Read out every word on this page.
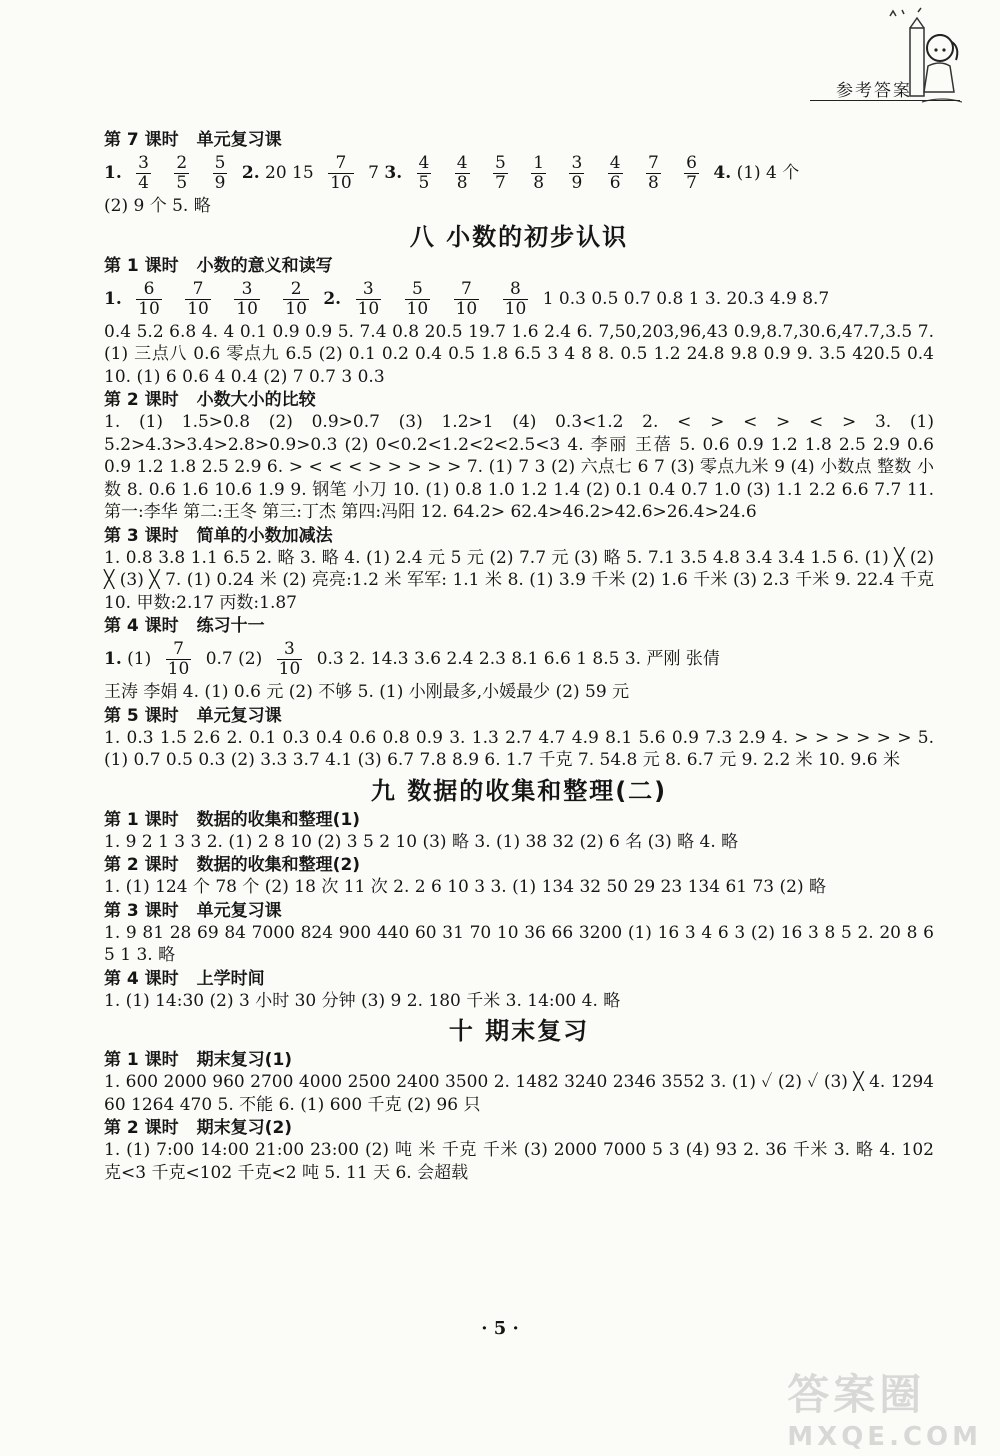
参考答案
第 7 课时 单元复习课
1. $\frac{3}{4}$
$\frac{2}{5}$
$\frac{5}{9} 2$. 20 $15 \frac{7}{10} 7$ 3. $\frac{4}{5}$
$\frac{4}{8}$
$\frac{5}{7}$
$\frac{1}{8}$
$\frac{3}{9}$
$\frac{4}{6}$
$\frac{7}{8}$
$\frac{6}{7} 4$. (1) 4 个

(2) 9 个 5. 略

八 小数的初步认识
第 1 课时 小数的意义和读写
1. $\frac{6}{10}$
$\frac{7}{10}$
$\frac{3}{10}$
$\frac{2}{10} 2$. $\frac{3}{10}$
$\frac{5}{10}$
$\frac{7}{10}$
$\frac{8}{10} 1$ 0.3 0.5 0.7 0.8 1 3. 20.3 4.9 8.7

0.4 5.2 6.8 4. 4 0.1 0.9 0.9 5. 7.4 0.8 20.5 19.7 1.6 2.4 6. 7,50,203,96,43 0.9,8.7,30.6,47.7,3.5 7. (1) 三点八 0.6 零点九 6.5 (2) 0.1 0.2 0.4 0.5 1.8 6.5 3 4 8 8. 0.5 1.2 24.8 9.8 0.9 9. 3.5 420.5 0.4 10. (1) 6 0.6 4 0.4 (2) 7 0.7 3 0.3

第 2 课时 小数大小的比较

1. (1) 1.5>0.8 (2) 0.9>0.7 (3) 1.2>1 (4) 0.3<1.2 2. < > < > < > 3. (1) 5.2>4.3>3.4>2.8>0.9>0.3 (2) 0<0.2<1.2<2<2.5<3 4. 李丽 王蓓 5. 0.6 0.9 1.2 1.8 2.5 2.9 0.6 0.9 1.2 1.8 2.5 2.9 6. > < < < > > > > > 7. (1) 7 3 (2) 六点七 6 7 (3) 零点九米 9 (4) 小数点 整数 小数 8. 0.6 1.6 10.6 1.9 9. 钢笔 小刀 10. (1) 0.8 1.0 1.2 1.4 (2) 0.1 0.4 0.7 1.0 (3) 1.1 2.2 6.6 7.7 11. 第一:李华 第二:王冬 第三:丁杰 第四:冯阳 12. 64.2> 62.4>46.2>42.6>26.4>24.6

第 3 课时 简单的小数加减法

1. 0.8 3.8 1.1 6.5 2. 略 3. 略 4. (1) 2.4 元 5 元 (2) 7.7 元 (3) 略 5. 7.1 3.5 4.8 3.4 3.4 1.5 6. (1) ╳ (2) ╳ (3) ╳ 7. (1) 0.24 米 (2) 亮亮:1.2 米 军军: 1.1 米 8. (1) 3.9 千米 (2) 1.6 千米 (3) 2.3 千米 9. 22.4 千克 10. 甲数:2.17 丙数:1.87

第 4 课时 练习十一
1. $(1) \frac{7}{10} 0.7$ $(2) \frac{3}{10} 0.3$ 2. 14.3 3.6 2.4 2.3 8.1 6.6 1 8.5 3. 严刚 张倩

王涛 李娟 4. (1) 0.6 元 (2) 不够 5. (1) 小刚最多,小媛最少 (2) 59 元

第 5 课时 单元复习课

1. 0.3 1.5 2.6 2. 0.1 0.3 0.4 0.6 0.8 0.9 3. 1.3 2.7 4.7 4.9 8.1 5.6 0.9 7.3 2.9 4. > > > > > > 5. (1) 0.7 0.5 0.3 (2) 3.3 3.7 4.1 (3) 6.7 7.8 8.9 6. 1.7 千克 7. 54.8 元 8. 6.7 元 9. 2.2 米 10. 9.6 米

九 数据的收集和整理(二)
第 1 课时 数据的收集和整理(1)

1. 9 2 1 3 3 2. (1) 2 8 10 (2) 3 5 2 10 (3) 略 3. (1) 38 32 (2) 6 名 (3) 略 4. 略

第 2 课时 数据的收集和整理(2)

1. (1) 124 个 78 个 (2) 18 次 11 次 2. 2 6 10 3 3. (1) 134 32 50 29 23 134 61 73 (2) 略

第 3 课时 单元复习课

1. 9 81 28 69 84 7000 824 900 440 60 31 70 10 36 66 3200 (1) 16 3 4 6 3 (2) 16 3 8 5 2. 20 8 6 5 1 3. 略

第 4 课时 上学时间

1. (1) 14:30 (2) 3 小时 30 分钟 (3) 9 2. 180 千米 3. 14:00 4. 略

十 期末复习
第 1 课时 期末复习(1)

1. 600 2000 960 2700 4000 2500 2400 3500 2. 1482 3240 2346 3552 3. (1) ✓ (2) ✓ (3) ╳ 4. 1294 60 1264 470 5. 不能 6. (1) 600 千克 (2) 96 只

第 2 课时 期末复习(2)

1. (1) 7:00 14:00 21:00 23:00 (2) 吨 米 千克 千米 (3) 2000 7000 5 3 (4) 93 2. 36 千米 3. 略 4. 102 克<3 千克<102 千克<2 吨 5. 11 天 6. 会超载

· 5 ·
答案圈
MXQE.COM
